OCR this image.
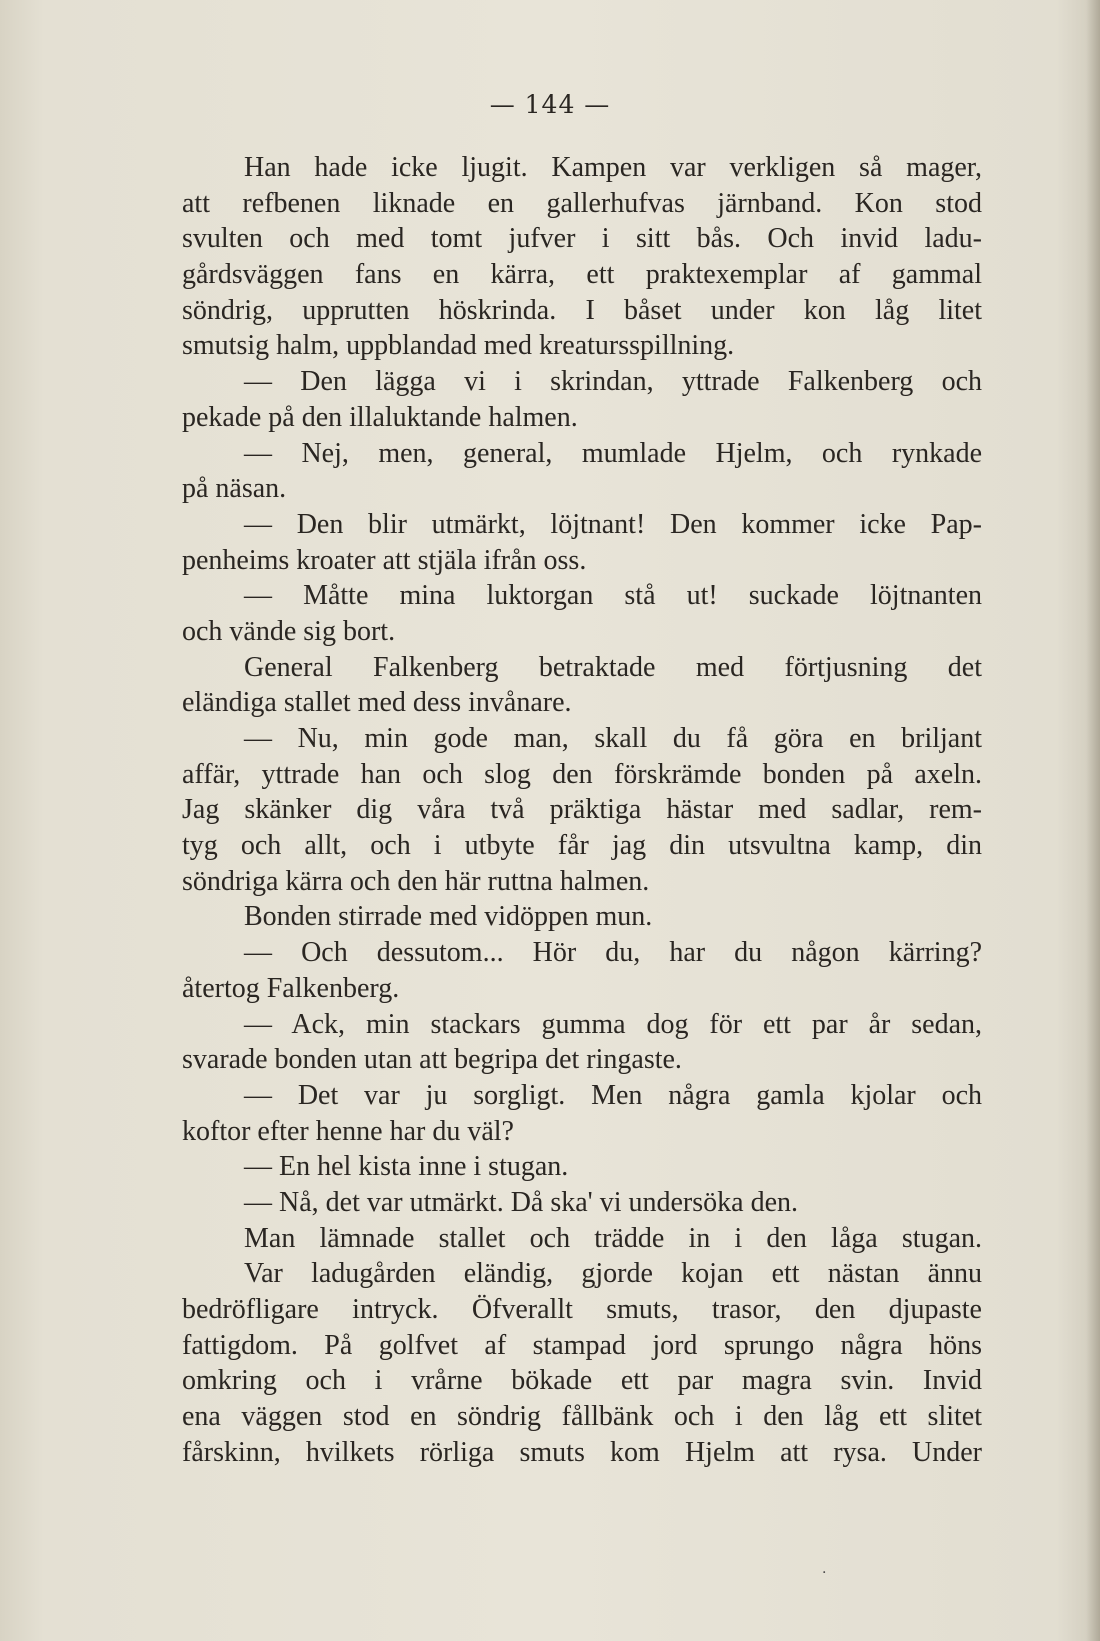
— 144 —
Han hade icke ljugit. Kampen var verkligen så mager,
att refbenen liknade en gallerhufvas järnband. Kon stod
svulten och med tomt jufver i sitt bås. Och invid ladu-
gårdsväggen fans en kärra, ett praktexemplar af gammal
söndrig, upprutten höskrinda. I båset under kon låg litet
smutsig halm, uppblandad med kreatursspillning.
— Den lägga vi i skrindan, yttrade Falkenberg och
pekade på den illaluktande halmen.
— Nej, men, general, mumlade Hjelm, och rynkade
på näsan.
— Den blir utmärkt, löjtnant! Den kommer icke Pap-
penheims kroater att stjäla ifrån oss.
— Måtte mina luktorgan stå ut! suckade löjtnanten
och vände sig bort.
General Falkenberg betraktade med förtjusning det
eländiga stallet med dess invånare.
— Nu, min gode man, skall du få göra en briljant
affär, yttrade han och slog den förskrämde bonden på axeln.
Jag skänker dig våra två präktiga hästar med sadlar, rem-
tyg och allt, och i utbyte får jag din utsvultna kamp, din
söndriga kärra och den här ruttna halmen.
Bonden stirrade med vidöppen mun.
— Och dessutom... Hör du, har du någon kärring?
återtog Falkenberg.
— Ack, min stackars gumma dog för ett par år sedan,
svarade bonden utan att begripa det ringaste.
— Det var ju sorgligt. Men några gamla kjolar och
koftor efter henne har du väl?
— En hel kista inne i stugan.
— Nå, det var utmärkt. Då ska' vi undersöka den.
Man lämnade stallet och trädde in i den låga stugan.
Var ladugården eländig, gjorde kojan ett nästan ännu
bedröfligare intryck. Öfverallt smuts, trasor, den djupaste
fattigdom. På golfvet af stampad jord sprungo några höns
omkring och i vrårne bökade ett par magra svin. Invid
ena väggen stod en söndrig fållbänk och i den låg ett slitet
fårskinn, hvilkets rörliga smuts kom Hjelm att rysa. Under
·
